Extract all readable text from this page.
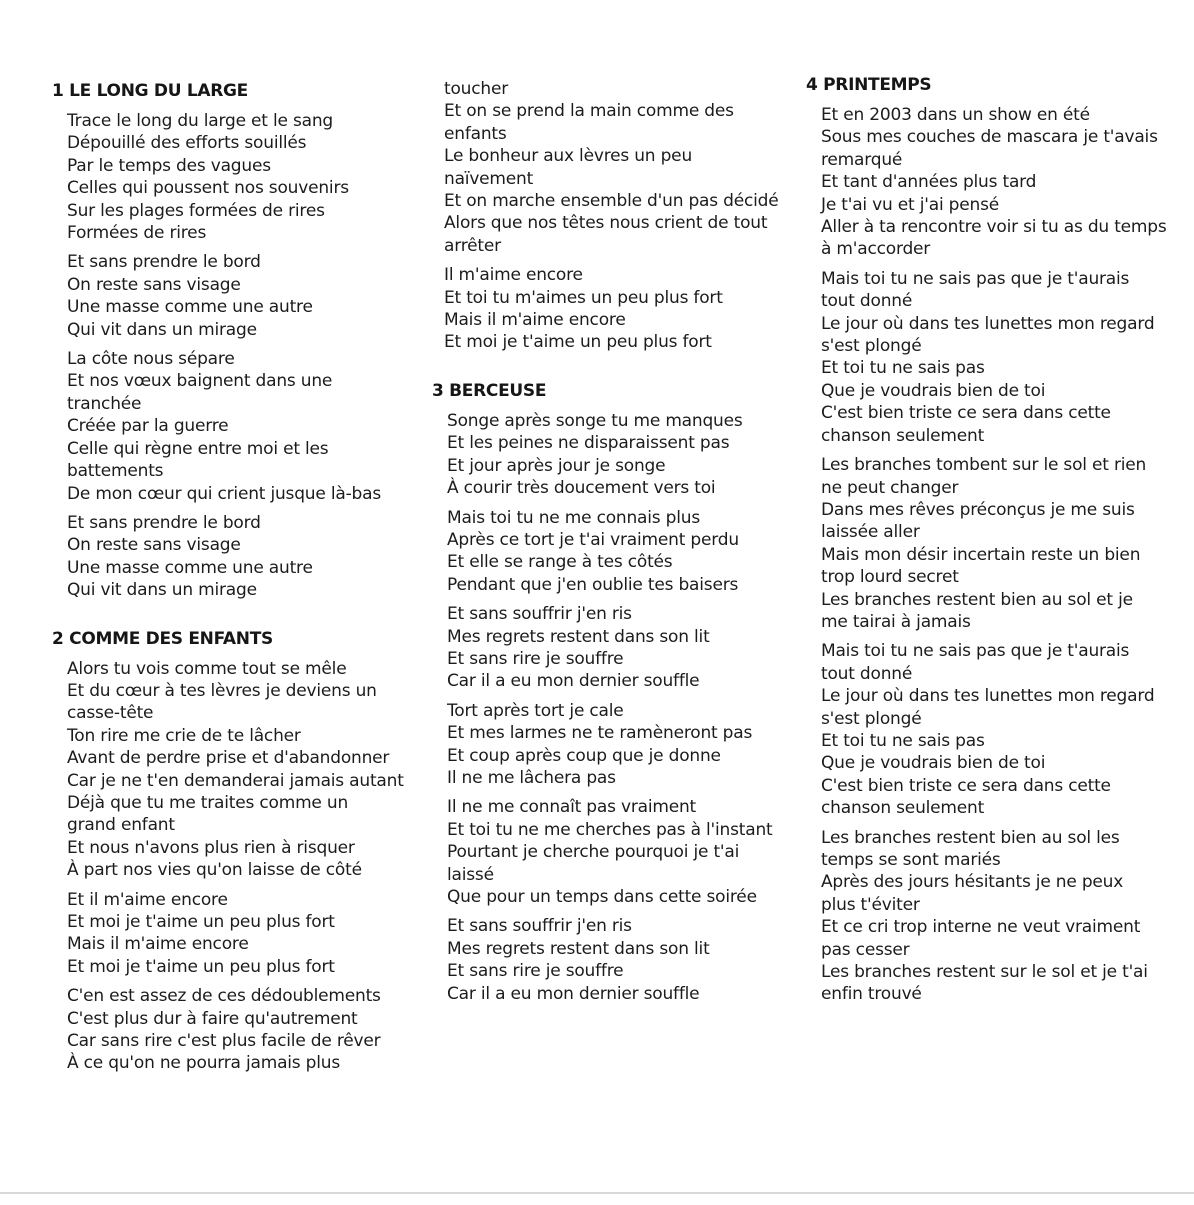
1 LE LONG DU LARGE
Trace le long du large et le sang
Dépouillé des efforts souillés
Par le temps des vagues
Celles qui poussent nos souvenirs
Sur les plages formées de rires
Formées de rires
Et sans prendre le bord
On reste sans visage
Une masse comme une autre
Qui vit dans un mirage
La côte nous sépare
Et nos vœux baignent dans une
tranchée
Créée par la guerre
Celle qui règne entre moi et les
battements
De mon cœur qui crient jusque là-bas
Et sans prendre le bord
On reste sans visage
Une masse comme une autre
Qui vit dans un mirage
2 COMME DES ENFANTS
Alors tu vois comme tout se mêle
Et du cœur à tes lèvres je deviens un
casse-tête
Ton rire me crie de te lâcher
Avant de perdre prise et d'abandonner
Car je ne t'en demanderai jamais autant
Déjà que tu me traites comme un
grand enfant
Et nous n'avons plus rien à risquer
À part nos vies qu'on laisse de côté
Et il m'aime encore
Et moi je t'aime un peu plus fort
Mais il m'aime encore
Et moi je t'aime un peu plus fort
C'en est assez de ces dédoublements
C'est plus dur à faire qu'autrement
Car sans rire c'est plus facile de rêver
À ce qu'on ne pourra jamais plus
toucher
Et on se prend la main comme des
enfants
Le bonheur aux lèvres un peu
naïvement
Et on marche ensemble d'un pas décidé
Alors que nos têtes nous crient de tout
arrêter
Il m'aime encore
Et toi tu m'aimes un peu plus fort
Mais il m'aime encore
Et moi je t'aime un peu plus fort
3 BERCEUSE
Songe après songe tu me manques
Et les peines ne disparaissent pas
Et jour après jour je songe
À courir très doucement vers toi
Mais toi tu ne me connais plus
Après ce tort je t'ai vraiment perdu
Et elle se range à tes côtés
Pendant que j'en oublie tes baisers
Et sans souffrir j'en ris
Mes regrets restent dans son lit
Et sans rire je souffre
Car il a eu mon dernier souffle
Tort après tort je cale
Et mes larmes ne te ramèneront pas
Et coup après coup que je donne
Il ne me lâchera pas
Il ne me connaît pas vraiment
Et toi tu ne me cherches pas à l'instant
Pourtant je cherche pourquoi je t'ai
laissé
Que pour un temps dans cette soirée
Et sans souffrir j'en ris
Mes regrets restent dans son lit
Et sans rire je souffre
Car il a eu mon dernier souffle
4 PRINTEMPS
Et en 2003 dans un show en été
Sous mes couches de mascara je t'avais
remarqué
Et tant d'années plus tard
Je t'ai vu et j'ai pensé
Aller à ta rencontre voir si tu as du temps
à m'accorder
Mais toi tu ne sais pas que je t'aurais
tout donné
Le jour où dans tes lunettes mon regard
s'est plongé
Et toi tu ne sais pas
Que je voudrais bien de toi
C'est bien triste ce sera dans cette
chanson seulement
Les branches tombent sur le sol et rien
ne peut changer
Dans mes rêves préconçus je me suis
laissée aller
Mais mon désir incertain reste un bien
trop lourd secret
Les branches restent bien au sol et je
me tairai à jamais
Mais toi tu ne sais pas que je t'aurais
tout donné
Le jour où dans tes lunettes mon regard
s'est plongé
Et toi tu ne sais pas
Que je voudrais bien de toi
C'est bien triste ce sera dans cette
chanson seulement
Les branches restent bien au sol les
temps se sont mariés
Après des jours hésitants je ne peux
plus t'éviter
Et ce cri trop interne ne veut vraiment
pas cesser
Les branches restent sur le sol et je t'ai
enfin trouvé
